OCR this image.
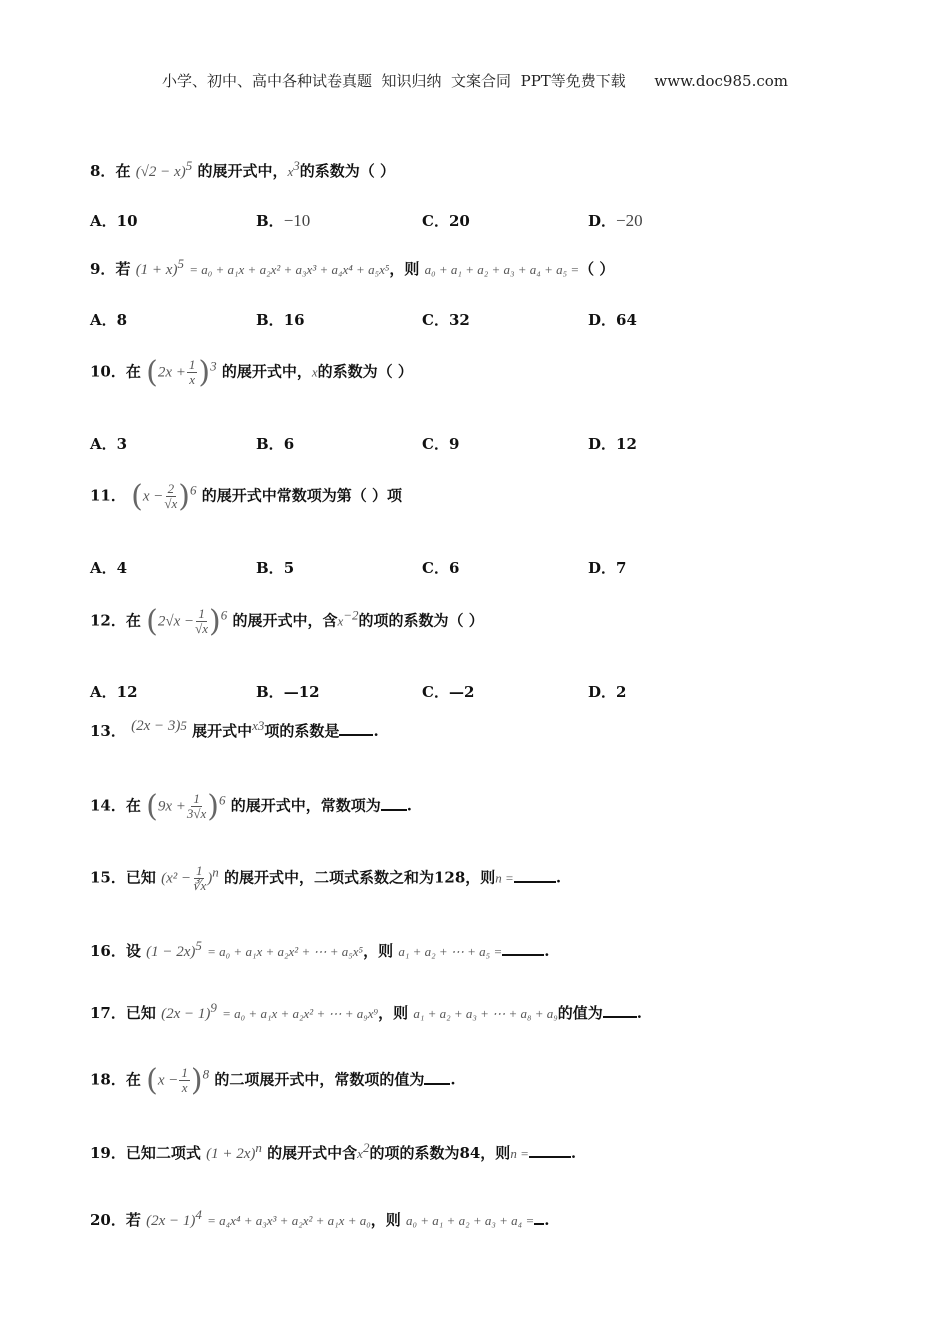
小学、初中、高中各种试卷真题  知识归纳  文案合同  PPT等免费下载      www.doc985.com
8．在 (√2 − x)5 的展开式中，x3的系数为（ ）
A．10	B．−10	C．20	D．−20
9．若 (1 + x)5 = a₀ + a₁x + a₂x² + a₃x³ + a₄x⁴ + a₅x⁵，则 a₀ + a₁ + a₂ + a₃ + a₄ + a₅ =（ ）
A．8	B．16	C．32	D．64
10．在 $(2x + \frac{1}{x} )3$ 的展开式中，x的系数为（ ）
A．3	B．6	C．9	D．12
11． $(x - \frac{2}{√x} )6$ 的展开式中常数项为第（ ）项
A．4	B．5	C．6	D．7
12．在 $(2√x - \frac{1}{√x} )6$ 的展开式中，含x−2的项的系数为（ ）
A．12	B．—12	C．—2	D．2
13． (2x − 3)5 展开式中x3项的系数是 .
14．在 $(9x + \frac{1}{3√x} )6$ 的展开式中，常数项为 .
15．已知 $(x^2 - \frac{1}{∛x} )n$ 的展开式中，二项式系数之和为128，则n =	.
16．设 (1 − 2x)5 = a₀ + a₁x + a₂x² + ⋯ + a₅x⁵，则 a₁ + a₂ + ⋯ + a₅ =	.
17．已知 (2x − 1)9 = a₀ + a₁x + a₂x² + ⋯ + a₉x⁹，则 a₁ + a₂ + a₃ + ⋯ + a₈ + a₉的值为 .
18．在 $(x - \frac{1}{x} )8$ 的二项展开式中，常数项的值为 .
19．已知二项式 (1 + 2x)n 的展开式中含x2的项的系数为84，则n =	.
20．若 (2x − 1)4 = a₄x⁴ + a₃x³ + a₂x² + a₁x + a₀，则 a₀ + a₁ + a₂ + a₃ + a₄ = .
